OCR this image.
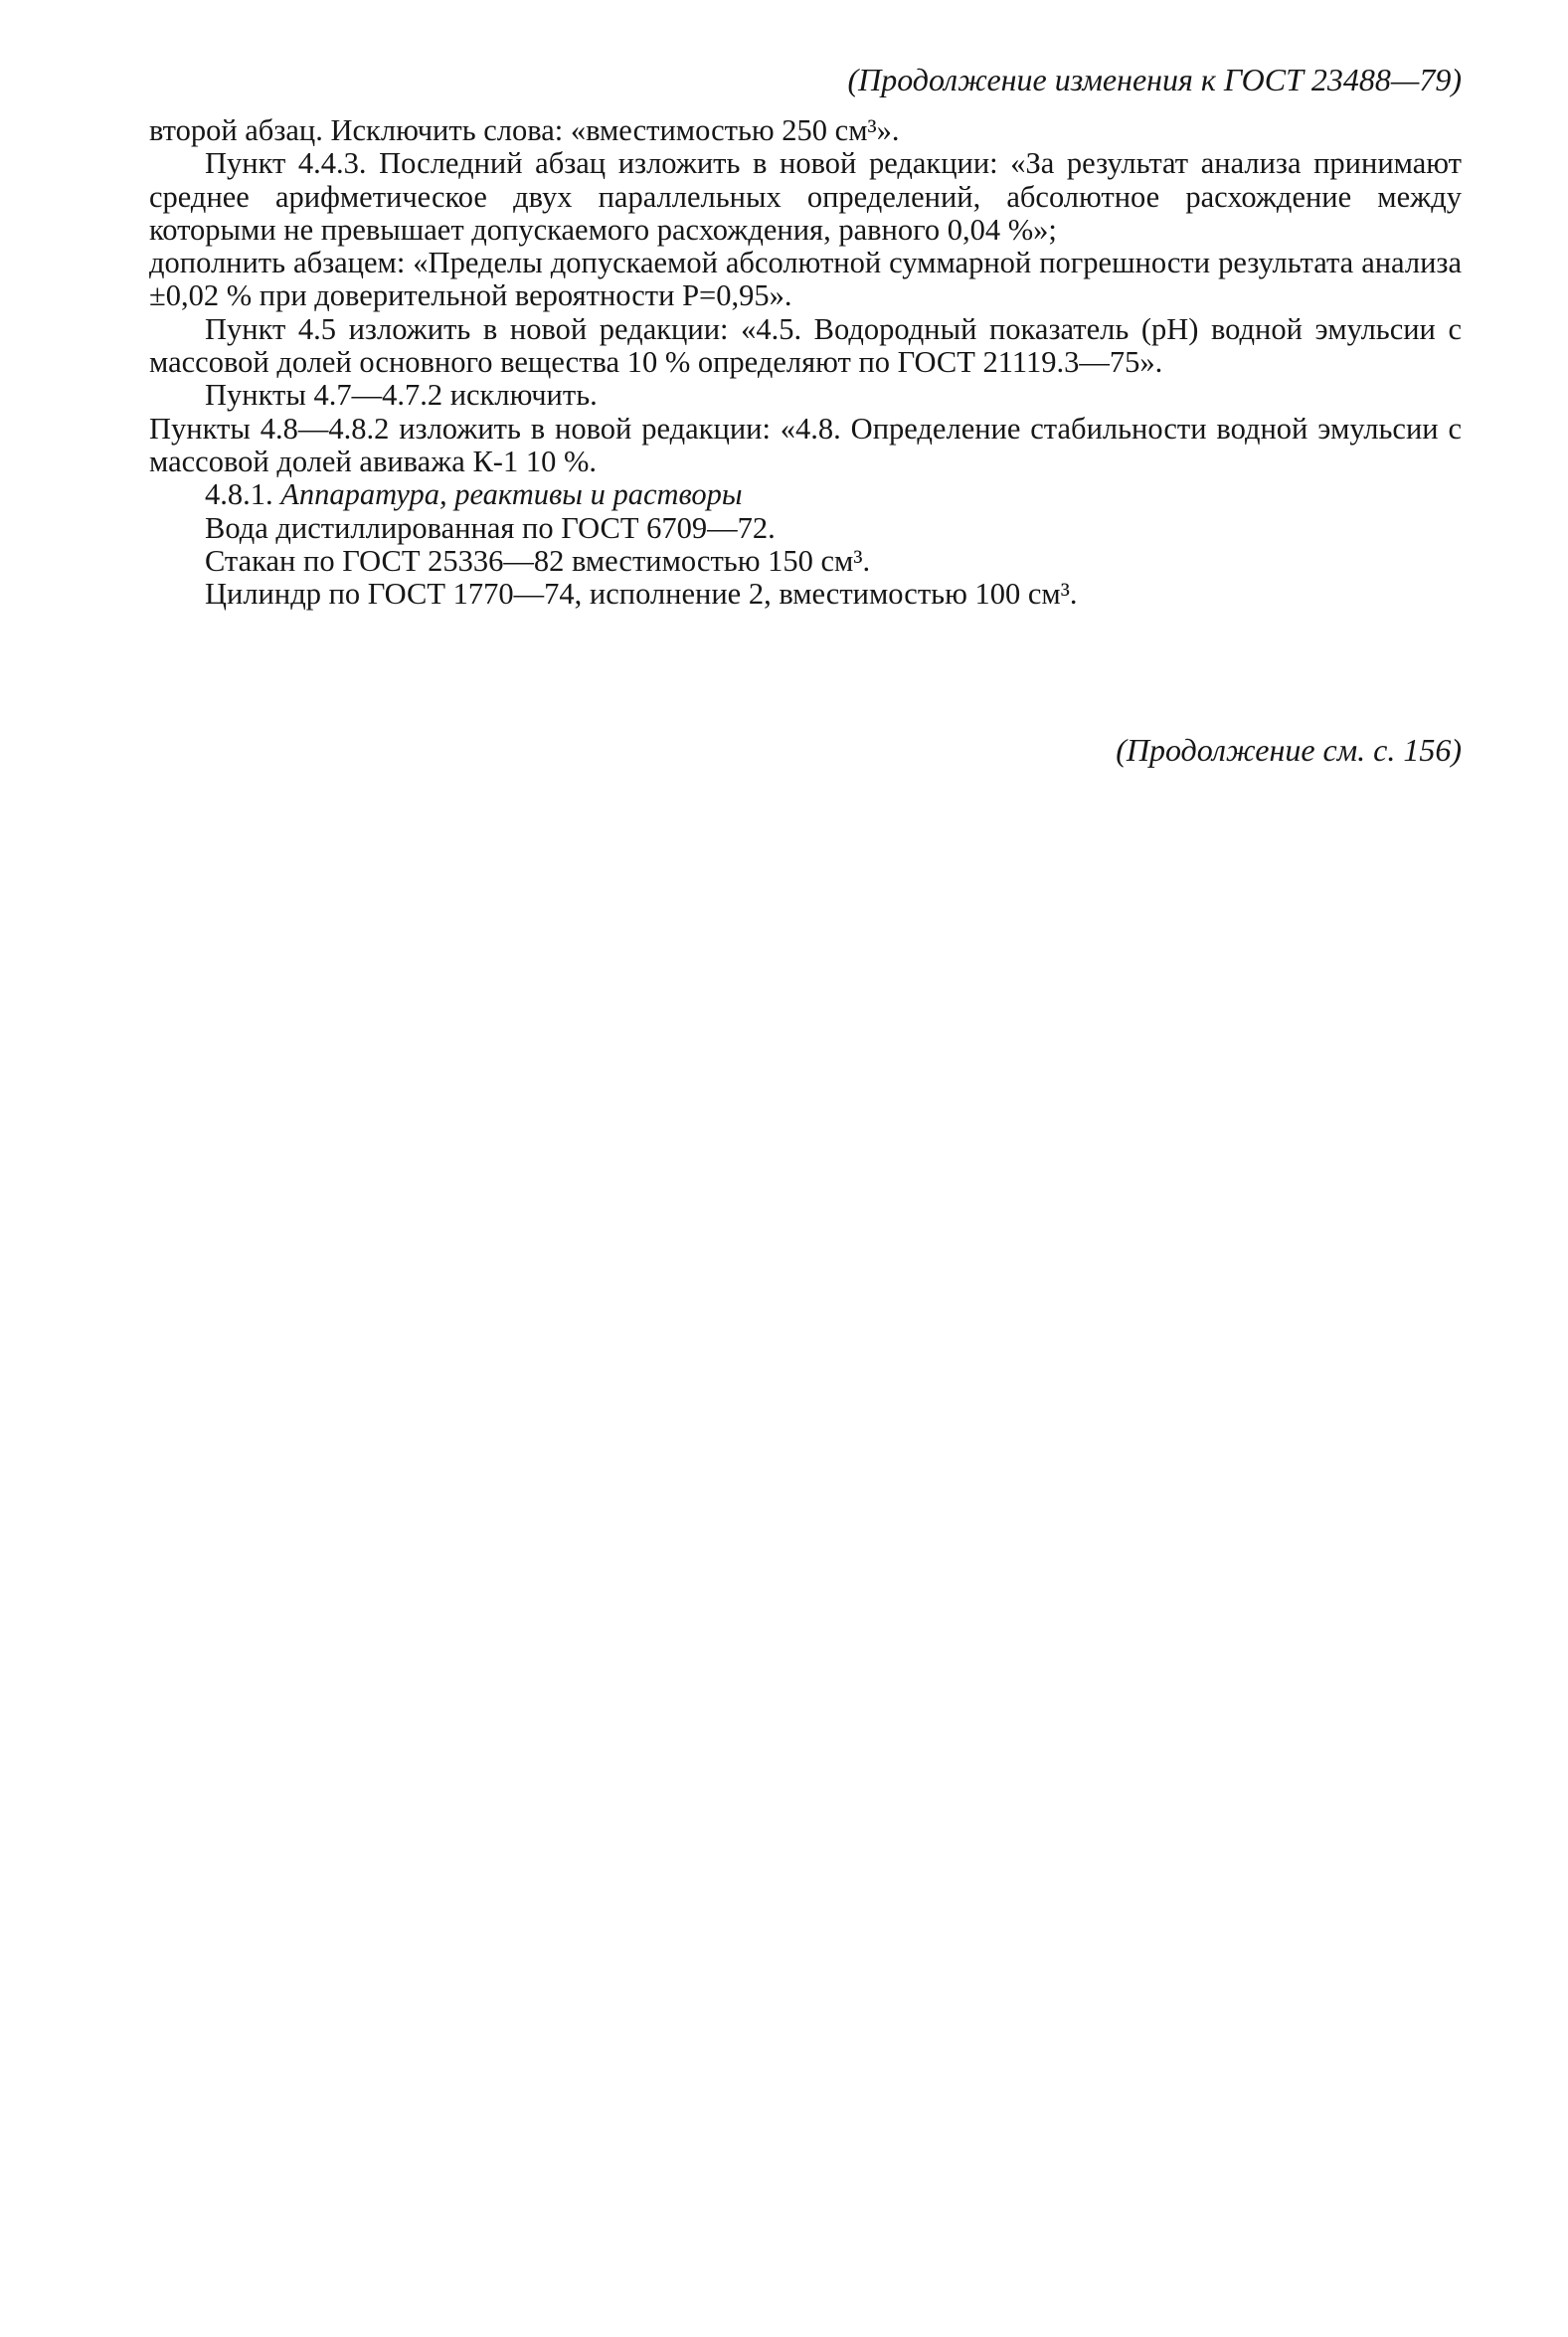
(Продолжение изменения к ГОСТ 23488—79)

второй абзац. Исключить слова: «вместимостью 250 см³».

Пункт 4.4.3. Последний абзац изложить в новой редакции: «За результат анализа принимают среднее арифметическое двух параллельных определений, абсолютное расхождение между которыми не превышает допускаемого расхождения, равного 0,04 %»;

дополнить абзацем: «Пределы допускаемой абсолютной суммарной погрешности результата анализа ±0,02 % при доверительной вероятности P=0,95».

Пункт 4.5 изложить в новой редакции: «4.5. Водородный показатель (pH) водной эмульсии с массовой долей основного вещества 10 % определяют по ГОСТ 21119.3—75».

Пункты 4.7—4.7.2 исключить.

Пункты 4.8—4.8.2 изложить в новой редакции: «4.8. Определение стабильности водной эмульсии с массовой долей авиважа К-1 10 %.

4.8.1. Аппаратура, реактивы и растворы

Вода дистиллированная по ГОСТ 6709—72.

Стакан по ГОСТ 25336—82 вместимостью 150 см³.

Цилиндр по ГОСТ 1770—74, исполнение 2, вместимостью 100 см³.

(Продолжение см. с. 156)
